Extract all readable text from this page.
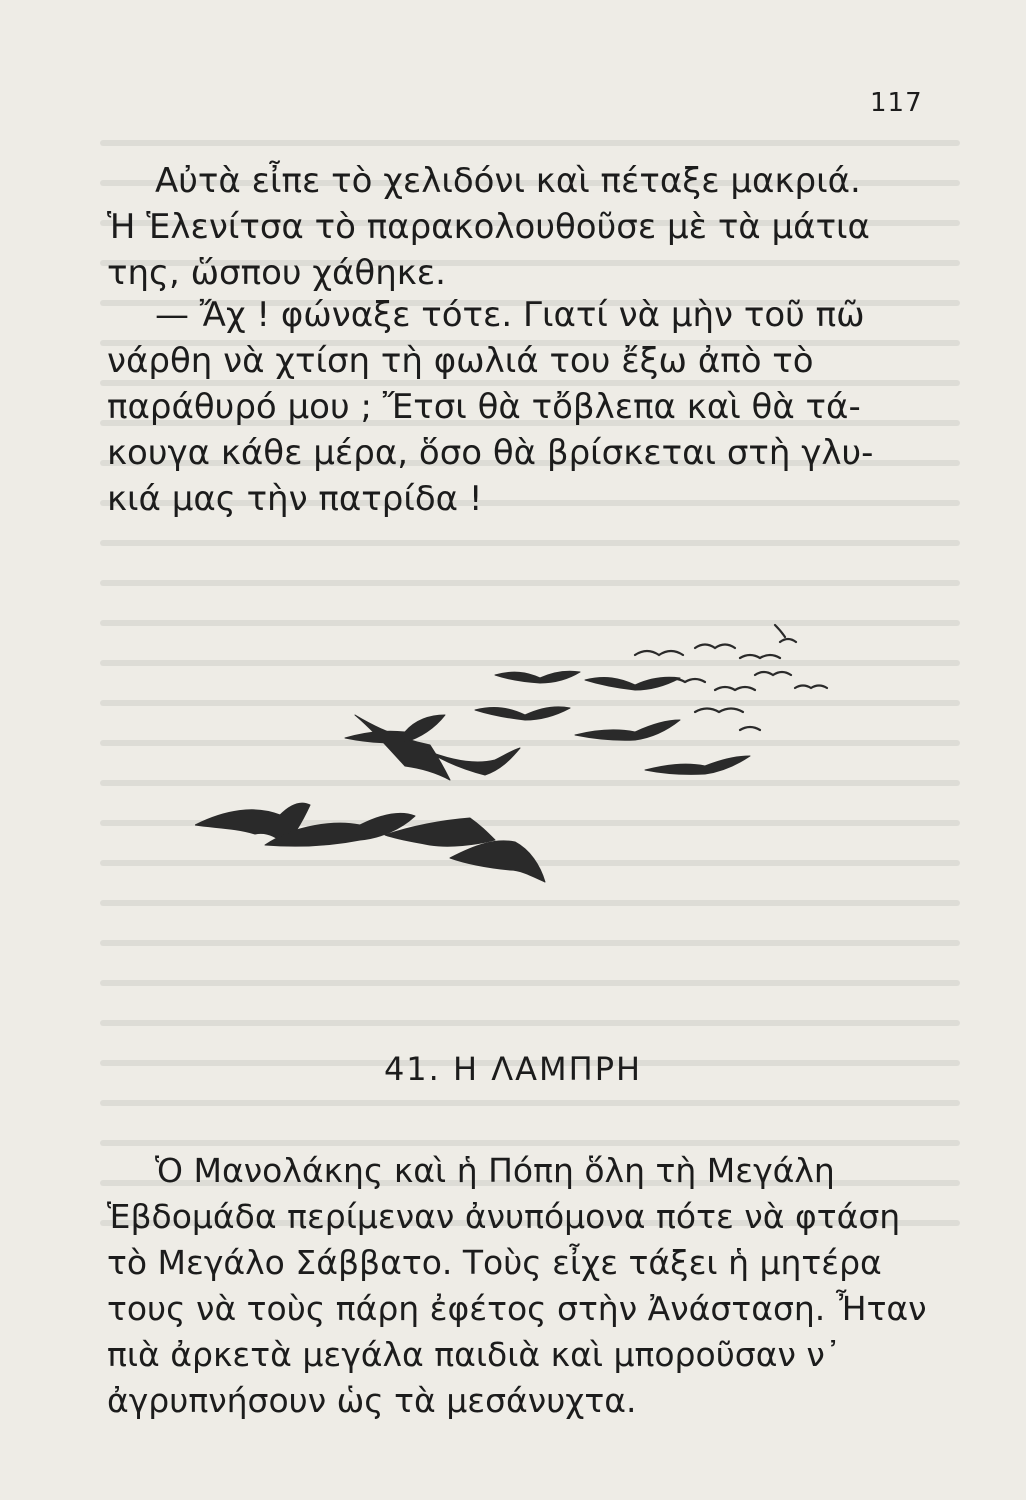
117
Αὐτὰ εἶπε τὸ χελιδόνι καὶ πέταξε μακριά.
Ἡ Ἑλενίτσα τὸ παρακολουθοῦσε μὲ τὰ μάτια
της, ὥσπου χάθηκε.
— Ἄχ ! φώναξε τότε. Γιατί νὰ μὴν τοῦ πῶ
νάρθη νὰ χτίση τὴ φωλιά του ἔξω ἀπὸ τὸ
παράθυρό μου ; Ἔτσι θὰ τὄβλεπα καὶ θὰ τά-
κουγα κάθε μέρα, ὅσο θὰ βρίσκεται στὴ γλυ-
κιά μας τὴν πατρίδα !
41. Η ΛΑΜΠΡΗ
Ὁ Μανολάκης καὶ ἡ Πόπη ὅλη τὴ Μεγάλη
Ἑβδομάδα περίμεναν ἀνυπόμονα πότε νὰ φτάση
τὸ Μεγάλο Σάββατο. Τοὺς εἶχε τάξει ἡ μητέρα
τους νὰ τοὺς πάρη ἐφέτος στὴν Ἀνάσταση. Ἦταν
πιὰ ἀρκετὰ μεγάλα παιδιὰ καὶ μποροῦσαν ν᾽
ἀγρυπνήσουν ὡς τὰ μεσάνυχτα.
